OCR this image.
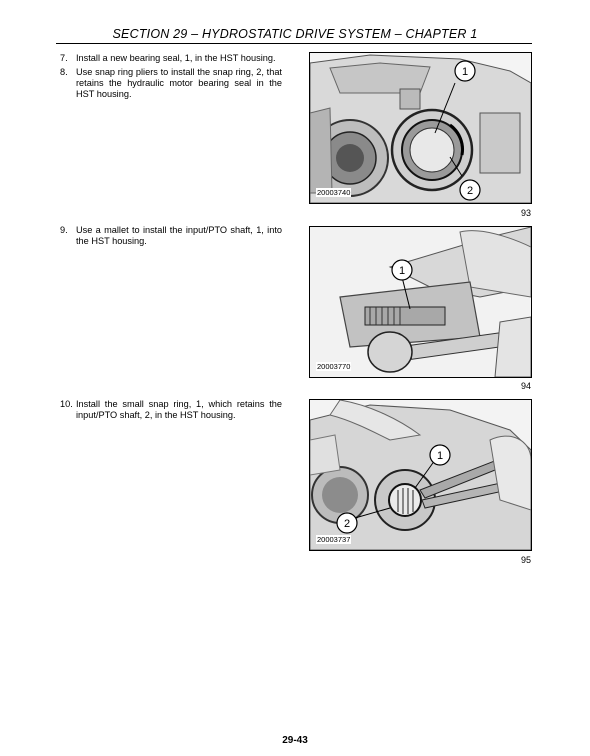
SECTION 29 – HYDROSTATIC DRIVE SYSTEM – CHAPTER 1
7. Install a new bearing seal, 1, in the HST housing.
8. Use snap ring pliers to install the snap ring, 2, that retains the hydraulic motor bearing seal in the HST housing.
9. Use a mallet to install the input/PTO shaft, 1, into the HST housing.
10. Install the small snap ring, 1, which retains the input/PTO shaft, 2, in the HST housing.
1
2
20003740
93
1
20003770
94
1
2
20003737
95
29-43
